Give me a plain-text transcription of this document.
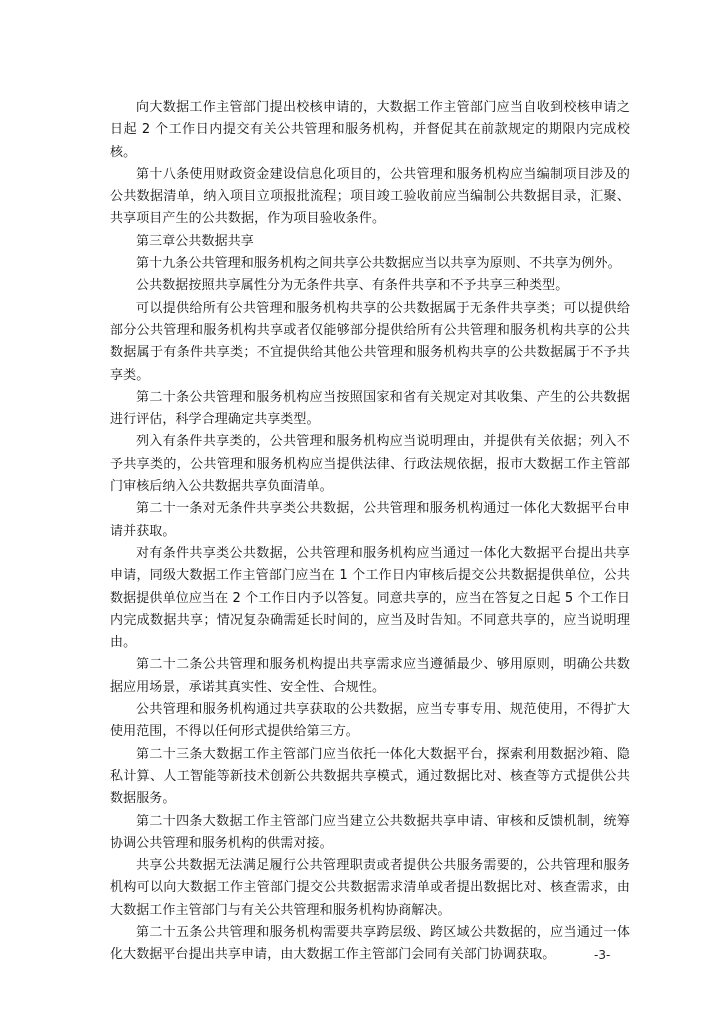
向大数据工作主管部门提出校核申请的，大数据工作主管部门应当自收到校核申请之日起 2 个工作日内提交有关公共管理和服务机构，并督促其在前款规定的期限内完成校核。

第十八条使用财政资金建设信息化项目的，公共管理和服务机构应当编制项目涉及的公共数据清单，纳入项目立项报批流程；项目竣工验收前应当编制公共数据目录，汇聚、共享项目产生的公共数据，作为项目验收条件。

第三章公共数据共享

第十九条公共管理和服务机构之间共享公共数据应当以共享为原则、不共享为例外。

公共数据按照共享属性分为无条件共享、有条件共享和不予共享三种类型。

可以提供给所有公共管理和服务机构共享的公共数据属于无条件共享类；可以提供给部分公共管理和服务机构共享或者仅能够部分提供给所有公共管理和服务机构共享的公共数据属于有条件共享类；不宜提供给其他公共管理和服务机构共享的公共数据属于不予共享类。

第二十条公共管理和服务机构应当按照国家和省有关规定对其收集、产生的公共数据进行评估，科学合理确定共享类型。

列入有条件共享类的，公共管理和服务机构应当说明理由，并提供有关依据；列入不予共享类的，公共管理和服务机构应当提供法律、行政法规依据，报市大数据工作主管部门审核后纳入公共数据共享负面清单。

第二十一条对无条件共享类公共数据，公共管理和服务机构通过一体化大数据平台申请并获取。

对有条件共享类公共数据，公共管理和服务机构应当通过一体化大数据平台提出共享申请，同级大数据工作主管部门应当在 1 个工作日内审核后提交公共数据提供单位，公共数据提供单位应当在 2 个工作日内予以答复。同意共享的，应当在答复之日起 5 个工作日内完成数据共享；情况复杂确需延长时间的，应当及时告知。不同意共享的，应当说明理由。

第二十二条公共管理和服务机构提出共享需求应当遵循最少、够用原则，明确公共数据应用场景，承诺其真实性、安全性、合规性。

公共管理和服务机构通过共享获取的公共数据，应当专事专用、规范使用，不得扩大使用范围，不得以任何形式提供给第三方。

第二十三条大数据工作主管部门应当依托一体化大数据平台，探索利用数据沙箱、隐私计算、人工智能等新技术创新公共数据共享模式，通过数据比对、核查等方式提供公共数据服务。

第二十四条大数据工作主管部门应当建立公共数据共享申请、审核和反馈机制，统筹协调公共管理和服务机构的供需对接。

共享公共数据无法满足履行公共管理职责或者提供公共服务需要的，公共管理和服务机构可以向大数据工作主管部门提交公共数据需求清单或者提出数据比对、核查需求，由大数据工作主管部门与有关公共管理和服务机构协商解决。

第二十五条公共管理和服务机构需要共享跨层级、跨区域公共数据的，应当通过一体化大数据平台提出共享申请，由大数据工作主管部门会同有关部门协调获取。	-3-
